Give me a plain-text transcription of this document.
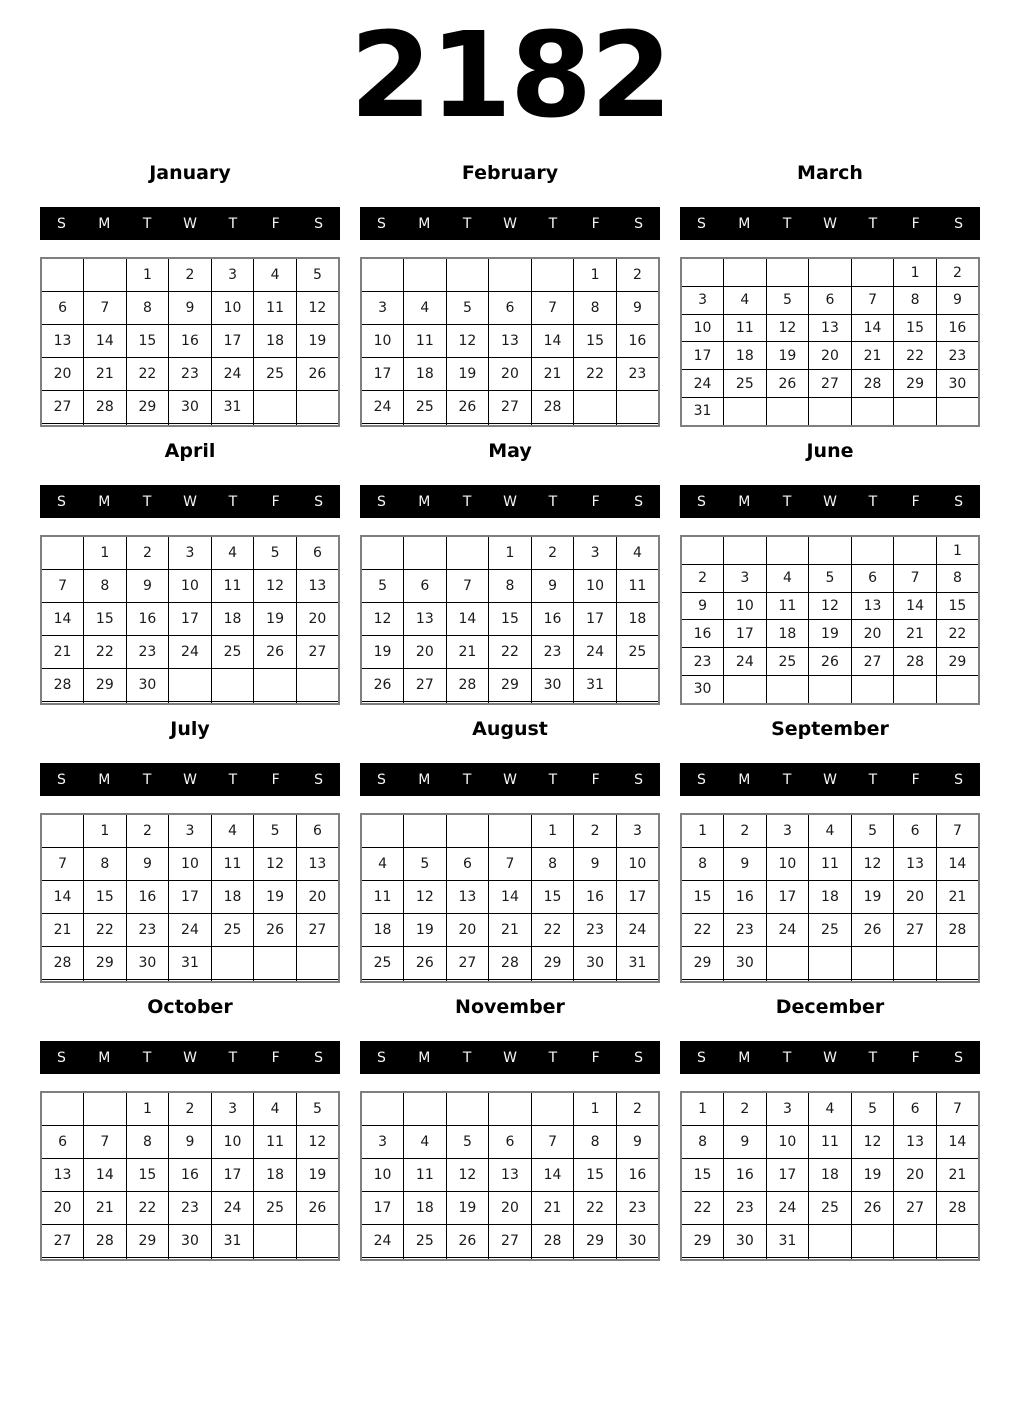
2182
January
S	M	T	W	T	F	S
		1	2	3	4	5
6	7	8	9	10	11	12
13	14	15	16	17	18	19
20	21	22	23	24	25	26
27	28	29	30	31		

February
S	M	T	W	T	F	S
					1	2
3	4	5	6	7	8	9
10	11	12	13	14	15	16
17	18	19	20	21	22	23
24	25	26	27	28		

March
S	M	T	W	T	F	S
					1	2
3	4	5	6	7	8	9
10	11	12	13	14	15	16
17	18	19	20	21	22	23
24	25	26	27	28	29	30
31						
April
S	M	T	W	T	F	S
	1	2	3	4	5	6
7	8	9	10	11	12	13
14	15	16	17	18	19	20
21	22	23	24	25	26	27
28	29	30				

May
S	M	T	W	T	F	S
			1	2	3	4
5	6	7	8	9	10	11
12	13	14	15	16	17	18
19	20	21	22	23	24	25
26	27	28	29	30	31	

June
S	M	T	W	T	F	S
						1
2	3	4	5	6	7	8
9	10	11	12	13	14	15
16	17	18	19	20	21	22
23	24	25	26	27	28	29
30						
July
S	M	T	W	T	F	S
	1	2	3	4	5	6
7	8	9	10	11	12	13
14	15	16	17	18	19	20
21	22	23	24	25	26	27
28	29	30	31			

August
S	M	T	W	T	F	S
				1	2	3
4	5	6	7	8	9	10
11	12	13	14	15	16	17
18	19	20	21	22	23	24
25	26	27	28	29	30	31

September
S	M	T	W	T	F	S
1	2	3	4	5	6	7
8	9	10	11	12	13	14
15	16	17	18	19	20	21
22	23	24	25	26	27	28
29	30					

October
S	M	T	W	T	F	S
		1	2	3	4	5
6	7	8	9	10	11	12
13	14	15	16	17	18	19
20	21	22	23	24	25	26
27	28	29	30	31		

November
S	M	T	W	T	F	S
					1	2
3	4	5	6	7	8	9
10	11	12	13	14	15	16
17	18	19	20	21	22	23
24	25	26	27	28	29	30

December
S	M	T	W	T	F	S
1	2	3	4	5	6	7
8	9	10	11	12	13	14
15	16	17	18	19	20	21
22	23	24	25	26	27	28
29	30	31				
